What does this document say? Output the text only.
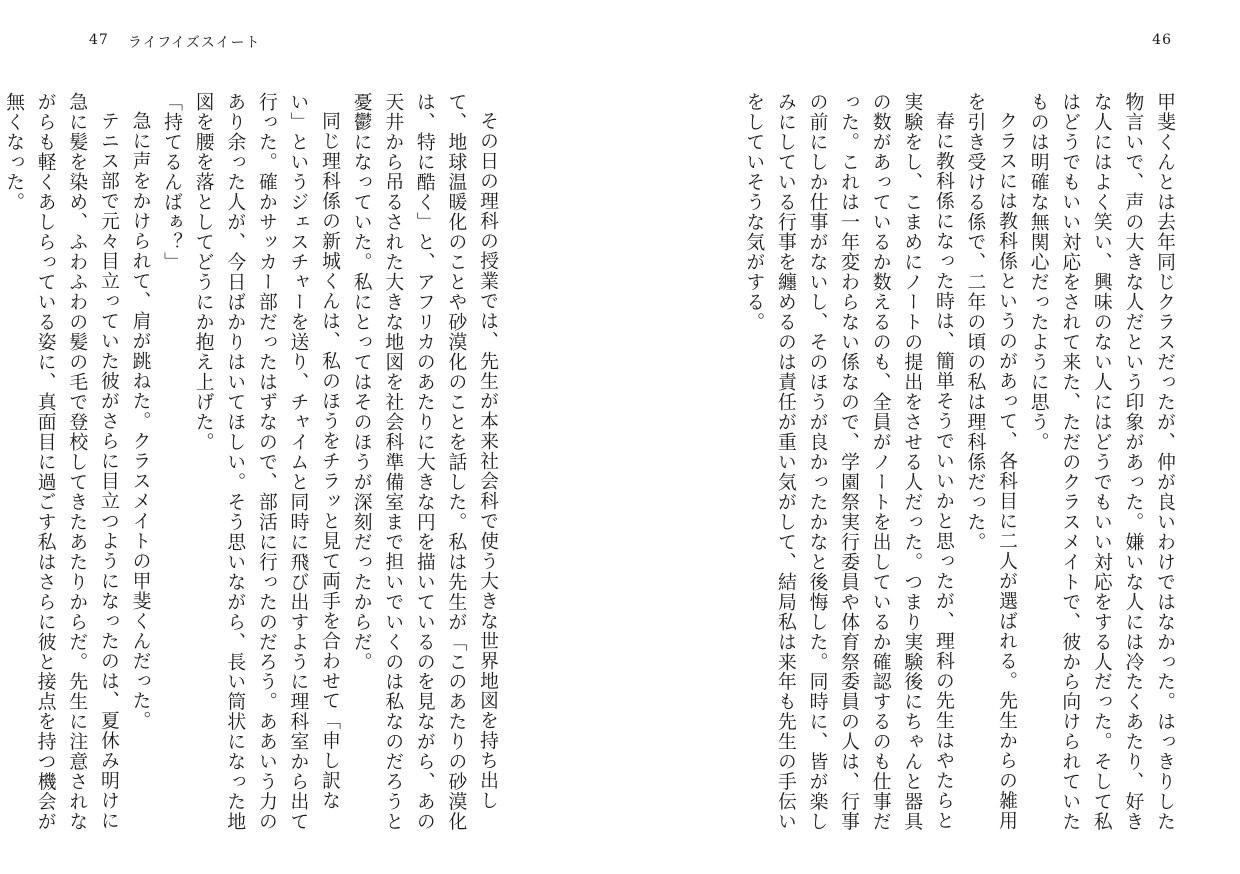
47 ライフイズスイート

その日の理科の授業では、先生が本来社会科で使う大きな世界地図を持ち出して、地球温暖化のことや砂漠化のことを話した。私は先生が「このあたりの砂漠化は、特に酷く」と、アフリカのあたりに大きな円を描いているのを見ながら、あの天井から吊るされた大きな地図を社会科準備室まで担いでいくのは私なのだろうと憂鬱になっていた。私にとってはそのほうが深刻だったからだ。

同じ理科係の新城くんは、私のほうをチラッと見て両手を合わせて「申し訳ない」というジェスチャーを送り、チャイムと同時に飛び出すように理科室から出て行った。確かサッカー部だったはずなので、部活に行ったのだろう。ああいう力のあり余った人が、今日ばかりはいてほしい。そう思いながら、長い筒状になった地図を腰を落としてどうにか抱え上げた。

「持てるんばぁ？」

急に声をかけられて、肩が跳ねた。クラスメイトの甲斐くんだった。

テニス部で元々目立っていた彼がさらに目立つようになったのは、夏休み明けに急に髪を染め、ふわふわの髪の毛で登校してきたあたりからだ。先生に注意されながらも軽くあしらっている姿に、真面目に過ごす私はさらに彼と接点を持つ機会が無くなった。

46

甲斐くんとは去年同じクラスだったが、仲が良いわけではなかった。はっきりした物言いで、声の大きな人だという印象があった。嫌いな人には冷たくあたり、好きな人にはよく笑い、興味のない人にはどうでもいい対応をする人だった。そして私はどうでもいい対応をされて来た、ただのクラスメイトで、彼から向けられていたものは明確な無関心だったように思う。

クラスには教科係というのがあって、各科目に二人が選ばれる。先生からの雑用を引き受ける係で、二年の頃の私は理科係だった。

春に教科係になった時は、簡単そうでいいかと思ったが、理科の先生はやたらと実験をし、こまめにノートの提出をさせる人だった。つまり実験後にちゃんと器具の数があっているか数えるのも、全員がノートを出しているか確認するのも仕事だった。これは一年変わらない係なので、学園祭実行委員や体育祭委員の人は、行事の前にしか仕事がないし、そのほうが良かったかなと後悔した。同時に、皆が楽しみにしている行事を纏めるのは責任が重い気がして、結局私は来年も先生の手伝いをしていそうな気がする。
